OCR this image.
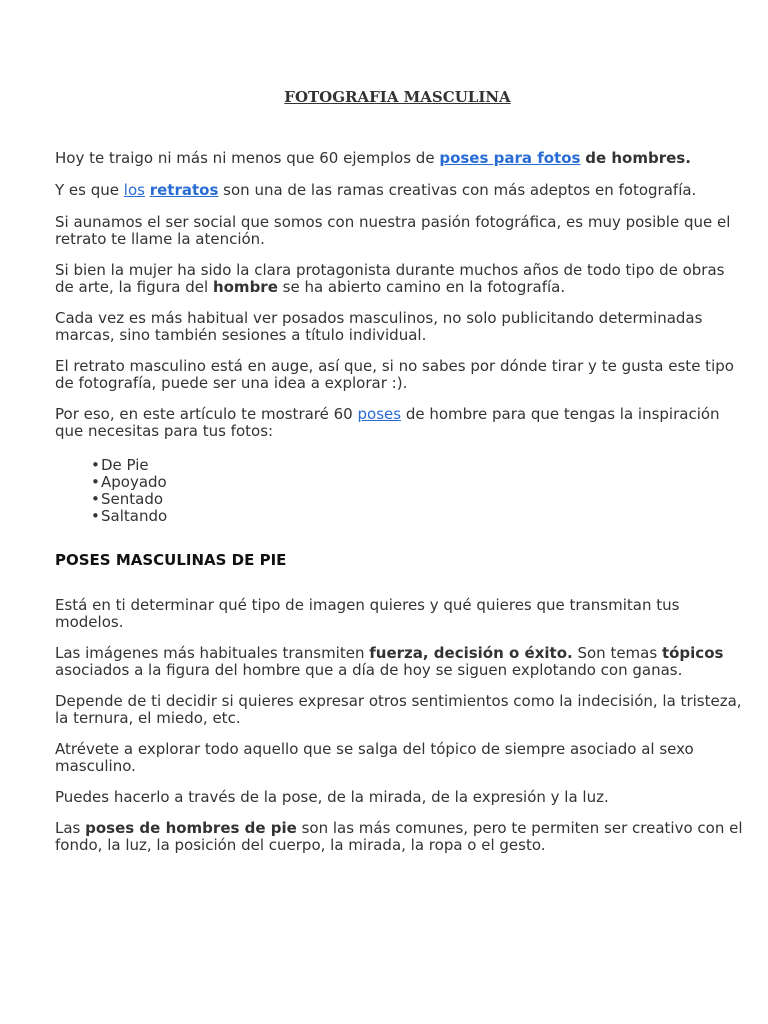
FOTOGRAFIA MASCULINA

Hoy te traigo ni más ni menos que 60 ejemplos de poses para fotos de hombres.

Y es que los retratos son una de las ramas creativas con más adeptos en fotografía.

Si aunamos el ser social que somos con nuestra pasión fotográfica, es muy posible que el retrato te llame la atención.

Si bien la mujer ha sido la clara protagonista durante muchos años de todo tipo de obras de arte, la figura del hombre se ha abierto camino en la fotografía.

Cada vez es más habitual ver posados masculinos, no solo publicitando determinadas marcas, sino también sesiones a título individual.

El retrato masculino está en auge, así que, si no sabes por dónde tirar y te gusta este tipo de fotografía, puede ser una idea a explorar :).

Por eso, en este artículo te mostraré 60 poses de hombre para que tengas la inspiración que necesitas para tus fotos:

• De Pie
• Apoyado
• Sentado
• Saltando
POSES MASCULINAS DE PIE

Está en ti determinar qué tipo de imagen quieres y qué quieres que transmitan tus modelos.

Las imágenes más habituales transmiten fuerza, decisión o éxito. Son temas tópicos asociados a la figura del hombre que a día de hoy se siguen explotando con ganas.

Depende de ti decidir si quieres expresar otros sentimientos como la indecisión, la tristeza, la ternura, el miedo, etc.

Atrévete a explorar todo aquello que se salga del tópico de siempre asociado al sexo masculino.

Puedes hacerlo a través de la pose, de la mirada, de la expresión y la luz.

Las poses de hombres de pie son las más comunes, pero te permiten ser creativo con el fondo, la luz, la posición del cuerpo, la mirada, la ropa o el gesto.
